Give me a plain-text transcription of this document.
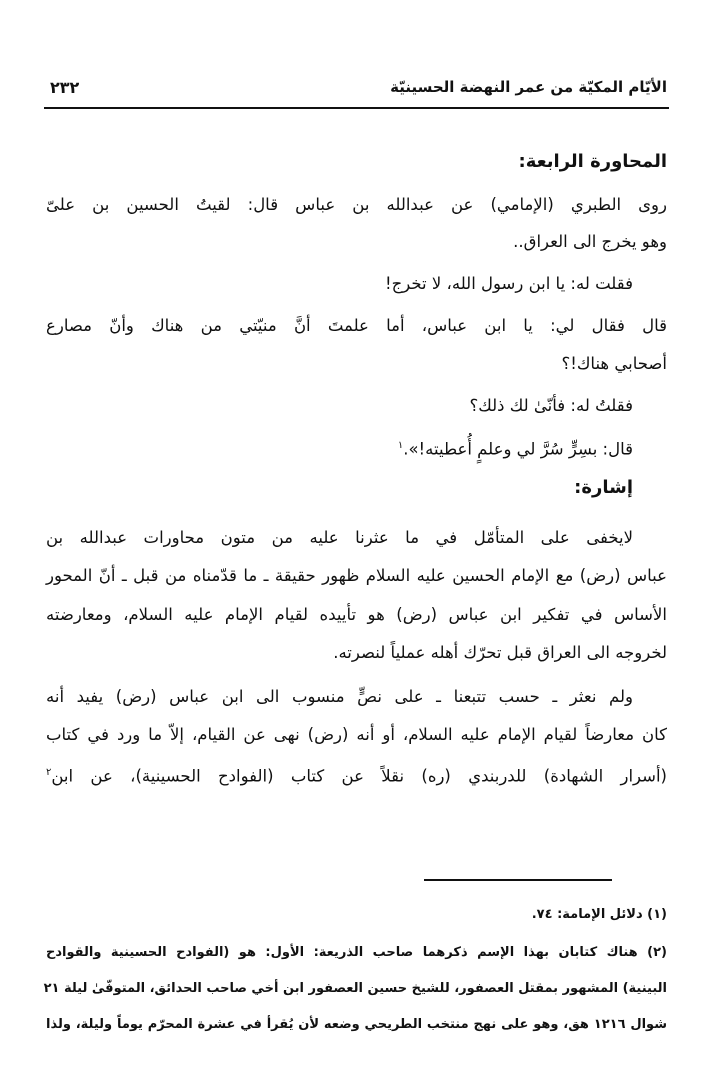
الأيّام المكيّة من عمر النهضة الحسينيّة
٢٣٢
المحاورة الرابعة:
روى الطبري (الإمامي) عن عبدالله بن عباس قال: لقيتُ الحسين بن علىّ
وهو يخرج الى العراق..
فقلت له: يا ابن رسول الله، لا تخرج!
قال فقال لي: يا ابن عباس، أما علمتَ أنَّ منيّتي من هناك وأنّ مصارع
أصحابي هناك!؟
فقلتُ له: فأنّىٰ لك ذلك؟
قال: بسِرٍّ سُرَّ لي وعلمٍ أُعطيته!».$^١$
إشارة:
لايخفى على المتأمّل في ما عثرنا عليه من متون محاورات عبدالله بن
عباس (رض) مع الإمام الحسين عليه السلام ظهور حقيقة ـ ما قدّمناه من قبل ـ أنّ المحور
الأساس في تفكير ابن عباس (رض) هو تأييده لقيام الإمام عليه السلام، ومعارضته
لخروجه الى العراق قبل تحرّك أهله عملياً لنصرته.
ولم نعثر ـ حسب تتبعنا ـ على نصٍّ منسوب الى ابن عباس (رض) يفيد أنه
كان معارضاً لقيام الإمام عليه السلام، أو أنه (رض) نهى عن القيام، إلاّ ما ورد في كتاب
(أسرار الشهادة) للدربندي (ره) نقلاً عن كتاب (الفوادح الحسينية)، عن ابن$^٢$
(١) دلائل الإمامة: ٧٤.
(٢) هناك كتابان بهذا الإسم ذكرهما صاحب الذريعة: الأول: هو (الفوادح الحسينية والقوادح
البينية) المشهور بمقتل العصفور، للشيخ حسين العصفور ابن أخي صاحب الحدائق، المتوفّىٰ ليلة ٢١
شوال ١٢١٦ هق، وهو على نهج منتخب الطريحي وضعه لأن يُقرأ في عشرة المحرّم يوماً وليلة، ولذا
